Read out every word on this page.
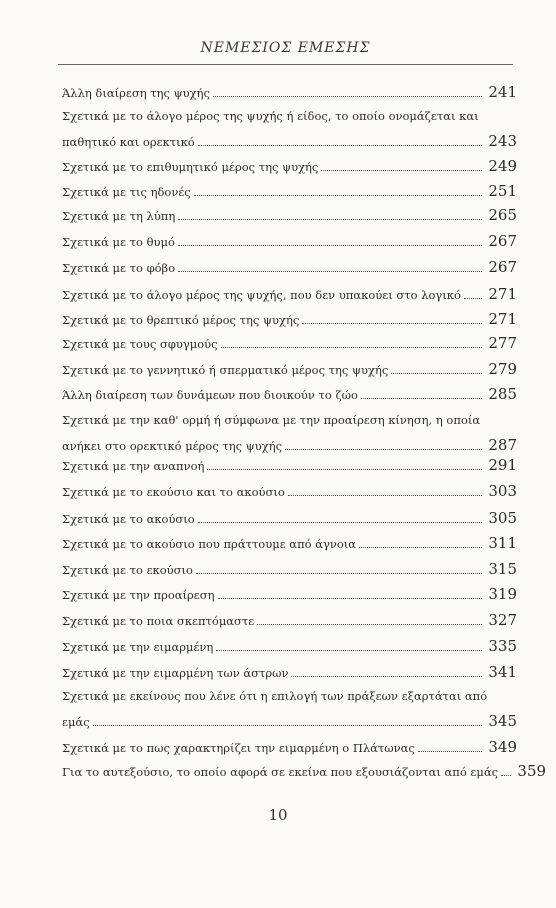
ΝΕΜΕΣΙΟΣ ΕΜΕΣΗΣ
Άλλη διαίρεση της ψυχής	241
Σχετικά με το άλογο μέρος της ψυχής ή είδος, το οποίο ονομάζεται και
παθητικό και ορεκτικό	243
Σχετικά με το επιθυμητικό μέρος της ψυχής	249
Σχετικά με τις ηδονές	251
Σχετικά με τη λύπη	265
Σχετικά με το θυμό	267
Σχετικά με το φόβο	267
Σχετικά με το άλογο μέρος της ψυχής, που δεν υπακούει στο λογικό 271
Σχετικά με το θρεπτικό μέρος της ψυχής	271
Σχετικά με τους σφυγμούς	277
Σχετικά με το γεννητικό ή σπερματικό μέρος της ψυχής	279
Άλλη διαίρεση των δυνάμεων που διοικούν το ζώο	285
Σχετικά με την καθ' ορμή ή σύμφωνα με την προαίρεση κίνηση, η οποία
ανήκει στο ορεκτικό μέρος της ψυχής	287
Σχετικά με την αναπνοή	291
Σχετικά με το εκούσιο και το ακούσιο	303
Σχετικά με το ακούσιο	305
Σχετικά με το ακούσιο που πράττουμε από άγνοια	311
Σχετικά με το εκούσιο	315
Σχετικά με την προαίρεση	319
Σχετικά με το ποια σκεπτόμαστε	327
Σχετικά με την ειμαρμένη	335
Σχετικά με την ειμαρμένη των άστρων	341
Σχετικά με εκείνους που λένε ότι η επιλογή των πράξεων εξαρτάται από
εμάς	345
Σχετικά με το πως χαρακτηρίζει την ειμαρμένη ο Πλάτωνας	349
Για το αυτεξούσιο, το οποίο αφορά σε εκείνα που εξουσιάζονται από εμάς 359
10
